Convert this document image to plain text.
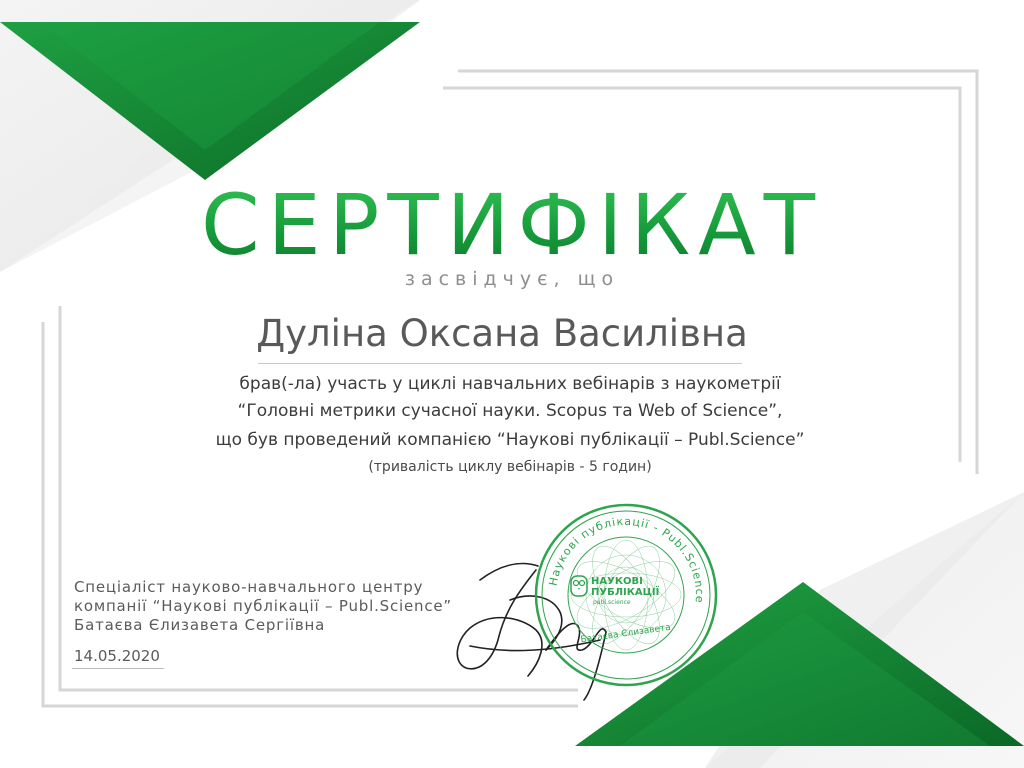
СЕРТИФІКАТ
засвідчує, що
Дуліна Оксана Василівна
брав(-ла) участь у циклі навчальних вебінарів з наукометрії
“Головні метрики сучасної науки. Scopus та Web of Science”,
що був проведений компанією “Наукові публікації – Publ.Science”
(тривалість циклу вебінарів - 5 годин)
Спеціаліст науково-навчального центру
компанії “Наукові публікації – Publ.Science”
Батаєва Єлизавета Сергіївна
14.05.2020
Наукові публікації - Publ.Science
НАУКОВІ
ПУБЛІКАЦІЇ
publ.science
Батаєва Єлизавета
